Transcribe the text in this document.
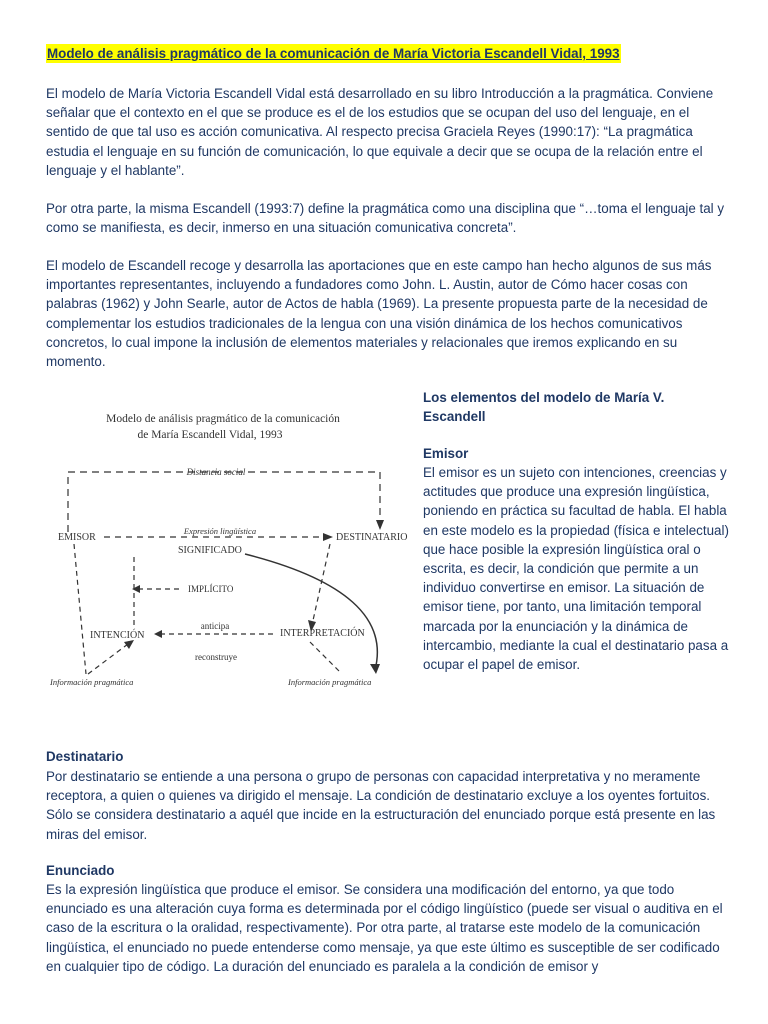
Modelo de análisis pragmático de la comunicación de María Victoria Escandell Vidal, 1993

El modelo de María Victoria Escandell Vidal está desarrollado en su libro Introducción a la pragmática. Conviene señalar que el contexto en el que se produce es el de los estudios que se ocupan del uso del lenguaje, en el sentido de que tal uso es acción comunicativa. Al respecto precisa Graciela Reyes (1990:17): “La pragmática estudia el lenguaje en su función de comunicación, lo que equivale a decir que se ocupa de la relación entre el lenguaje y el hablante”.

Por otra parte, la misma Escandell (1993:7) define la pragmática como una disciplina que “…toma el lenguaje tal y como se manifiesta, es decir, inmerso en una situación comunicativa concreta”.

El modelo de Escandell recoge y desarrolla las aportaciones que en este campo han hecho algunos de sus más importantes representantes, incluyendo a fundadores como John. L. Austin, autor de Cómo hacer cosas con palabras (1962) y John Searle, autor de Actos de habla (1969). La presente propuesta parte de la necesidad de complementar los estudios tradicionales de la lengua con una visión dinámica de los hechos comunicativos concretos, lo cual impone la inclusión de elementos materiales y relacionales que iremos explicando en su momento.

Modelo de análisis pragmático de la comunicación
de María Escandell Vidal, 1993
Distancia social
EMISOR
Expresión lingüística
DESTINATARIO
SIGNIFICADO
IMPLÍCITO
INTENCIÓN	INTERPRETACIÓN
anticipa
reconstruye
Información pragmática	Información pragmática

Los elementos del modelo de María V. Escandell

Emisor

El emisor es un sujeto con intenciones, creencias y actitudes que produce una expresión lingüística, poniendo en práctica su facultad de habla. El habla en este modelo es la propiedad (física e intelectual) que hace posible la expresión lingüística oral o escrita, es decir, la condición que permite a un individuo convertirse en emisor. La situación de emisor tiene, por tanto, una limitación temporal marcada por la enunciación y la dinámica de intercambio, mediante la cual el destinatario pasa a ocupar el papel de emisor.

Destinatario

Por destinatario se entiende a una persona o grupo de personas con capacidad interpretativa y no meramente receptora, a quien o quienes va dirigido el mensaje. La condición de destinatario excluye a los oyentes fortuitos. Sólo se considera destinatario a aquél que incide en la estructuración del enunciado porque está presente en las miras del emisor.

Enunciado

Es la expresión lingüística que produce el emisor. Se considera una modificación del entorno, ya que todo enunciado es una alteración cuya forma es determinada por el código lingüístico (puede ser visual o auditiva en el caso de la escritura o la oralidad, respectivamente). Por otra parte, al tratarse este modelo de la comunicación lingüística, el enunciado no puede entenderse como mensaje, ya que este último es susceptible de ser codificado en cualquier tipo de código. La duración del enunciado es paralela a la condición de emisor y
